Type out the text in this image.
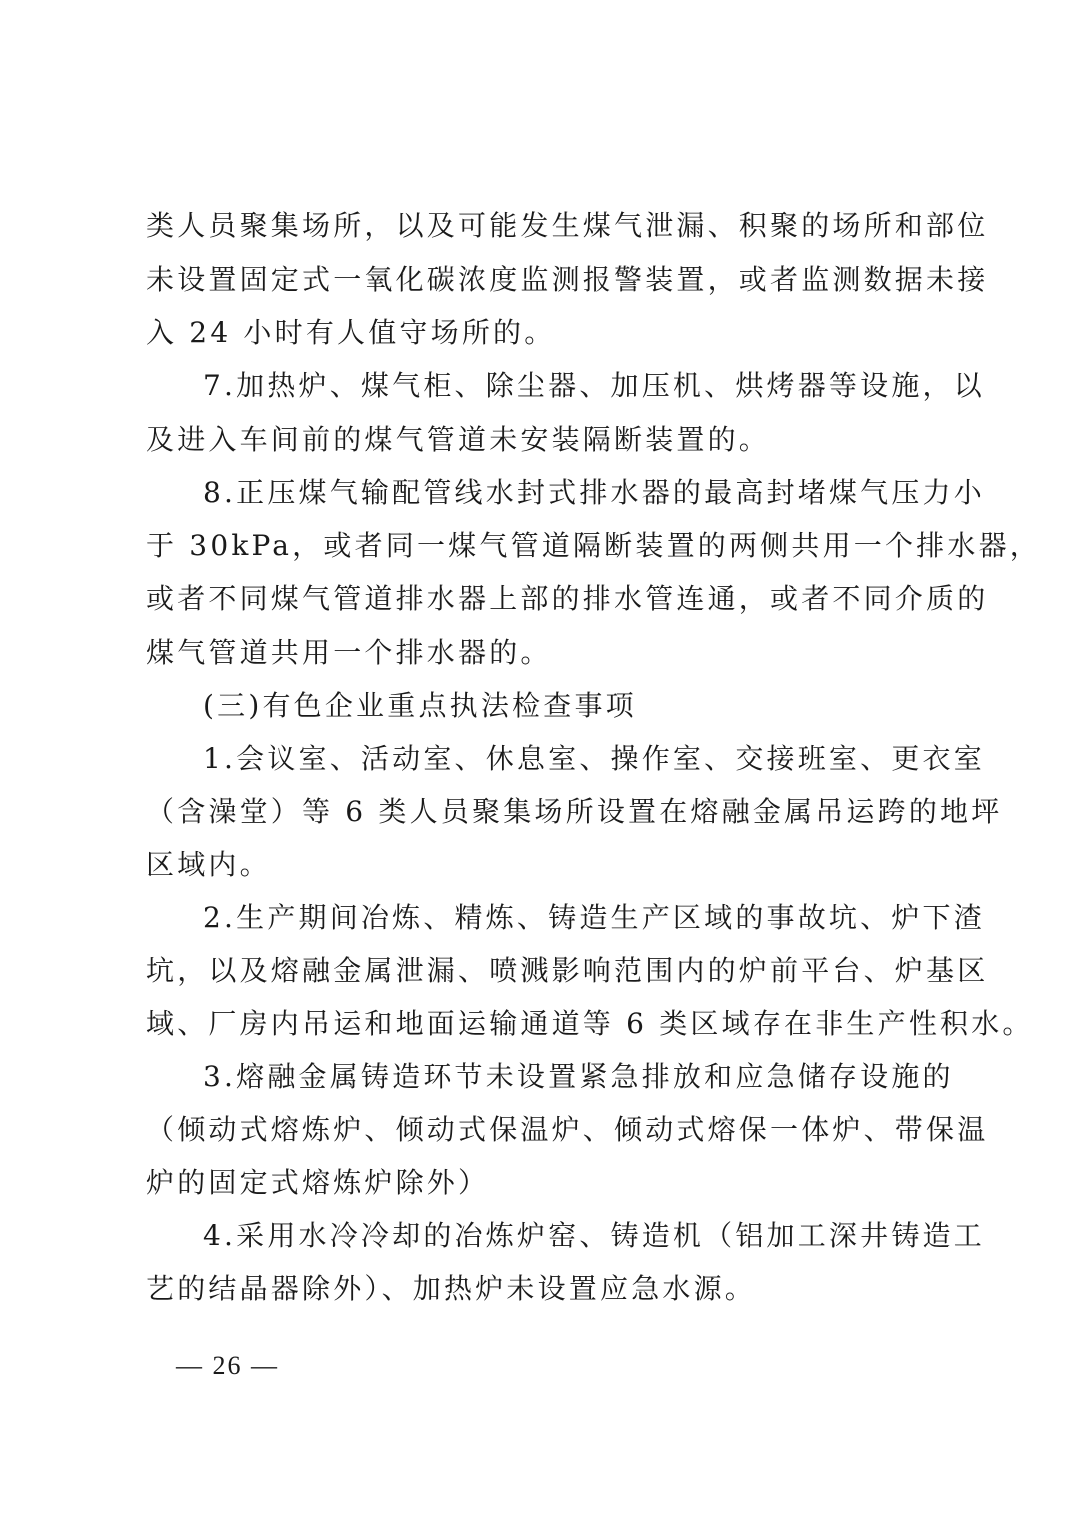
类人员聚集场所，以及可能发生煤气泄漏、积聚的场所和部位
未设置固定式一氧化碳浓度监测报警装置，或者监测数据未接
入 24 小时有人值守场所的。
7.加热炉、煤气柜、除尘器、加压机、烘烤器等设施，以
及进入车间前的煤气管道未安装隔断装置的。
8.正压煤气输配管线水封式排水器的最高封堵煤气压力小
于 30kPa，或者同一煤气管道隔断装置的两侧共用一个排水器，
或者不同煤气管道排水器上部的排水管连通，或者不同介质的
煤气管道共用一个排水器的。
(三)有色企业重点执法检查事项
1.会议室、活动室、休息室、操作室、交接班室、更衣室
（含澡堂）等 6 类人员聚集场所设置在熔融金属吊运跨的地坪
区域内。
2.生产期间冶炼、精炼、铸造生产区域的事故坑、炉下渣
坑，以及熔融金属泄漏、喷溅影响范围内的炉前平台、炉基区
域、厂房内吊运和地面运输通道等 6 类区域存在非生产性积水。
3.熔融金属铸造环节未设置紧急排放和应急储存设施的
（倾动式熔炼炉、倾动式保温炉、倾动式熔保一体炉、带保温
炉的固定式熔炼炉除外）
4.采用水冷冷却的冶炼炉窑、铸造机（铝加工深井铸造工
艺的结晶器除外）、加热炉未设置应急水源。
— 26 —
